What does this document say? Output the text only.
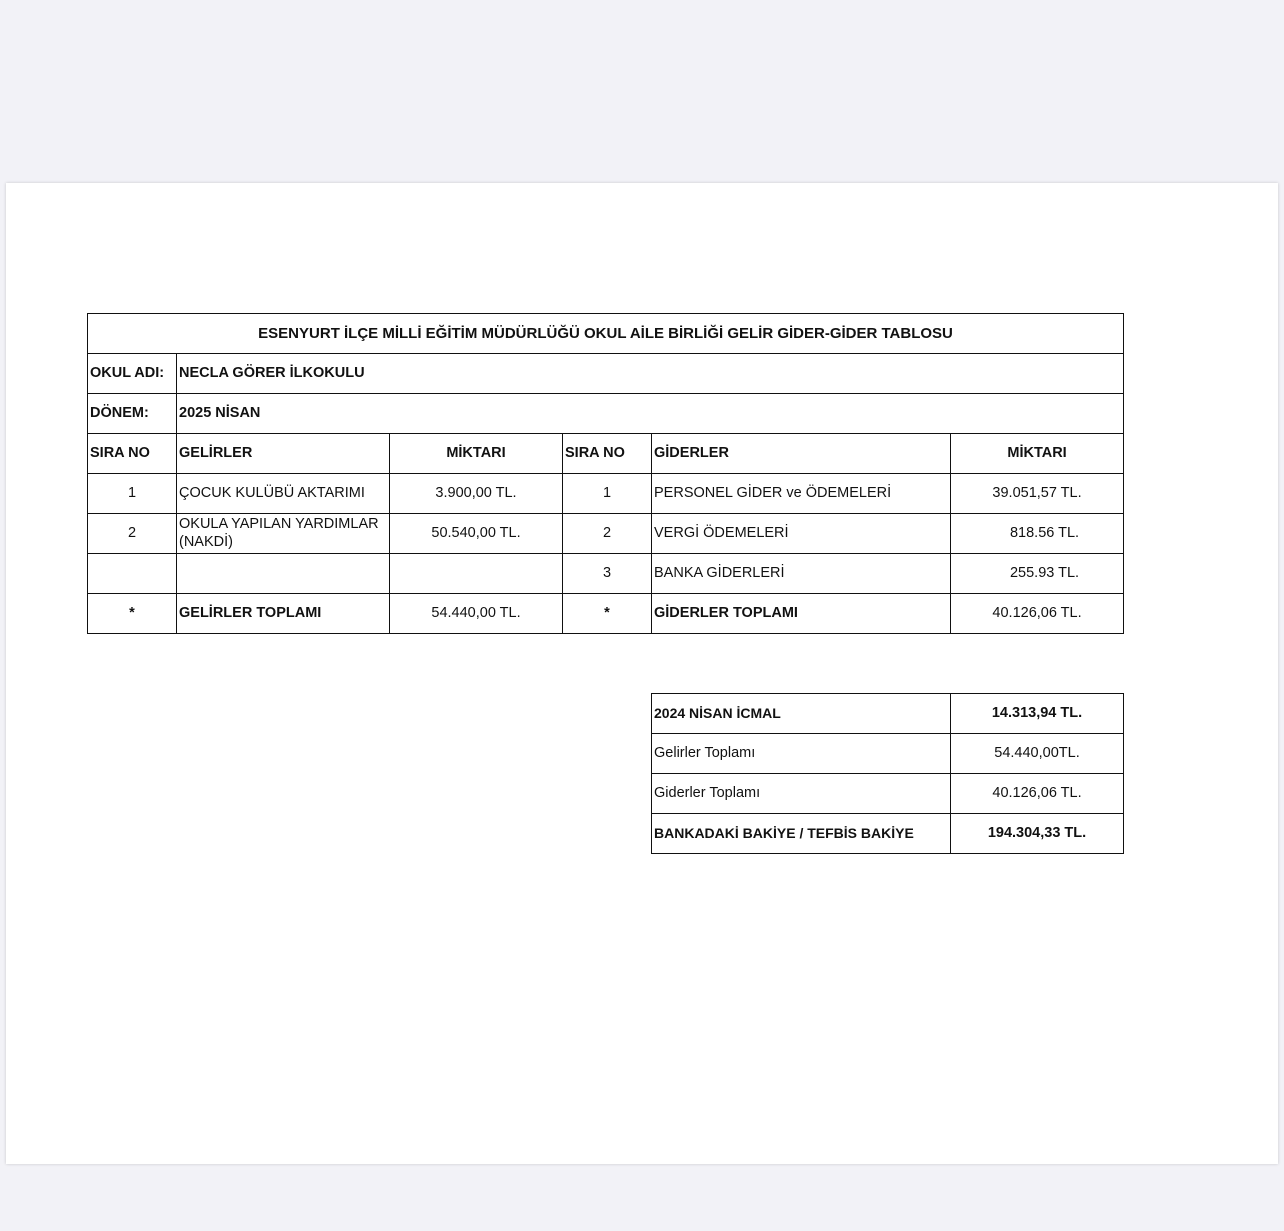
ESENYURT İLÇE MİLLİ EĞİTİM MÜDÜRLÜĞÜ OKUL AİLE BİRLİĞİ GELİR GİDER-GİDER TABLOSU					
OKUL ADI:	NECLA GÖRER İLKOKULU				
DÖNEM:	2025 NİSAN				
SIRA NO	GELİRLER	MİKTARI	SIRA NO	GİDERLER	MİKTARI
1	ÇOCUK KULÜBÜ AKTARIMI	3.900,00 TL.	1	PERSONEL GİDER ve ÖDEMELERİ	39.051,57 TL.
2	OKULA YAPILAN YARDIMLAR (NAKDİ)	50.540,00 TL.	2	VERGİ ÖDEMELERİ	818.56 TL.
			3	BANKA GİDERLERİ	255.93 TL.
*	GELİRLER TOPLAMI	54.440,00 TL.	*	GİDERLER TOPLAMI	40.126,06 TL.
2024 NİSAN İCMAL	14.313,94 TL.
Gelirler Toplamı	54.440,00TL.
Giderler Toplamı	40.126,06 TL.
BANKADAKİ BAKİYE / TEFBİS BAKİYE	194.304,33 TL.
